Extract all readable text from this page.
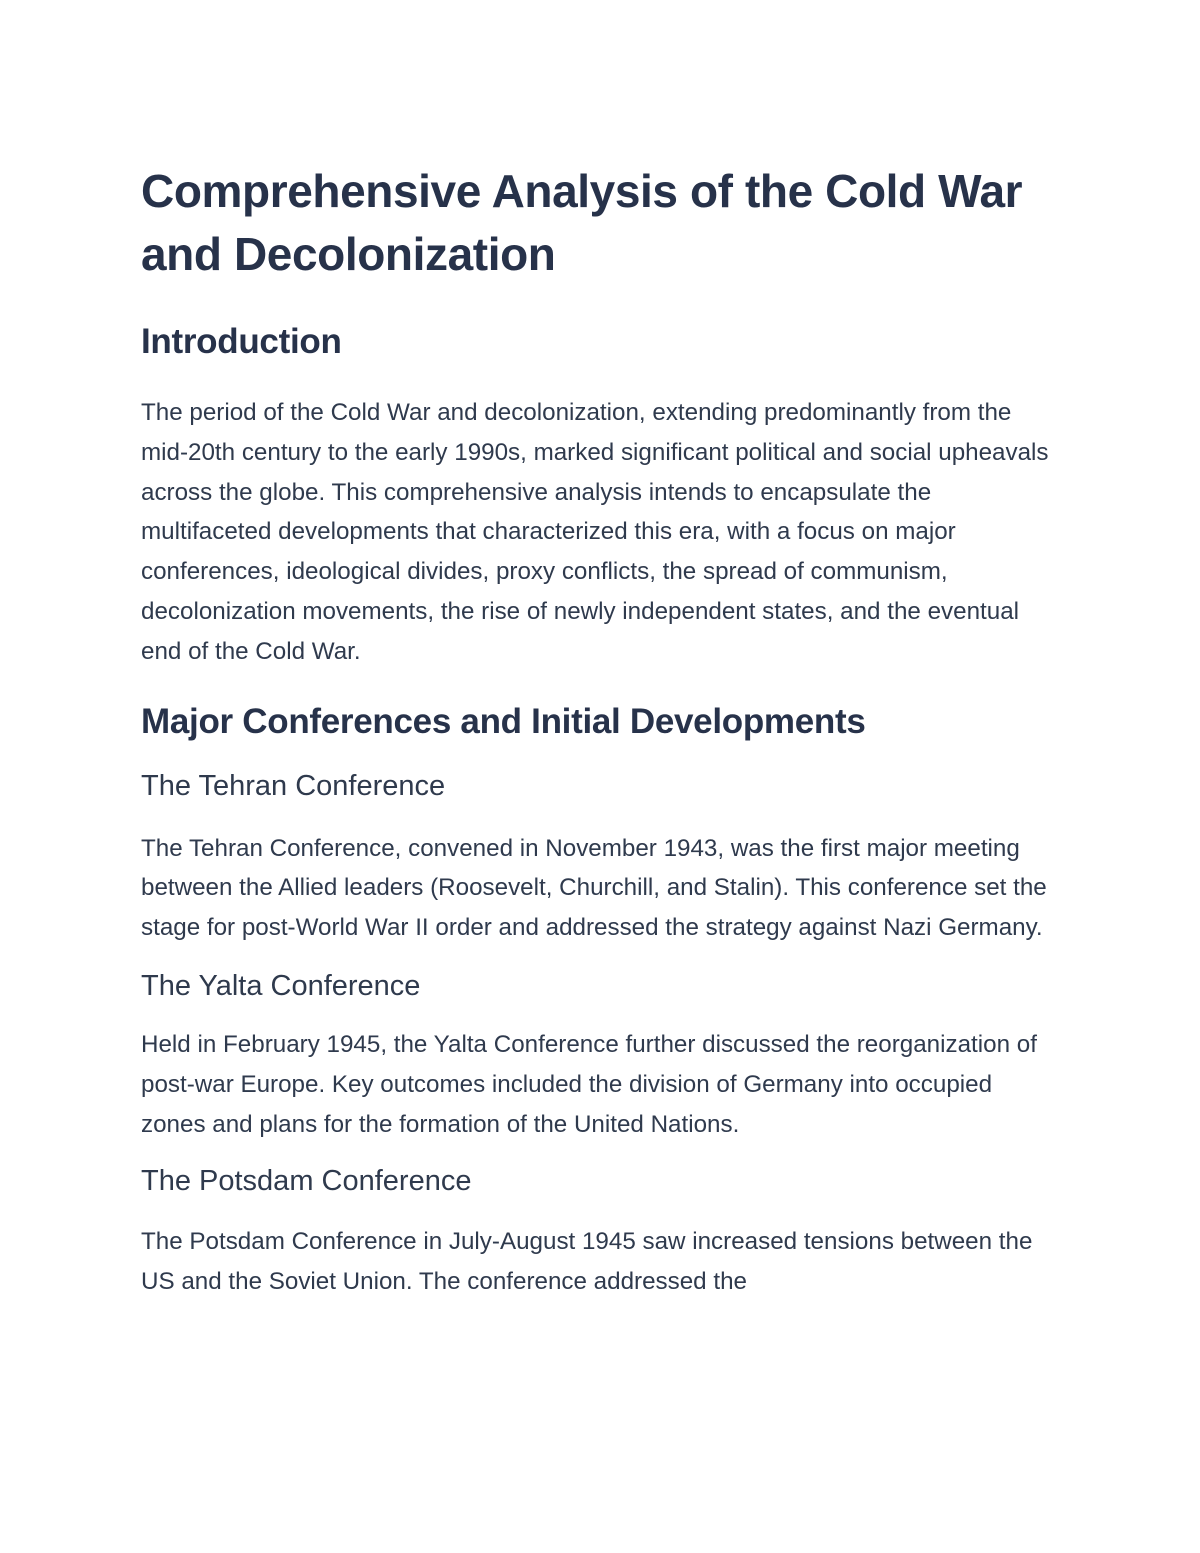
Comprehensive Analysis of the Cold War and Decolonization
Introduction

The period of the Cold War and decolonization, extending predominantly from the mid-20th century to the early 1990s, marked significant political and social upheavals across the globe. This comprehensive analysis intends to encapsulate the multifaceted developments that characterized this era, with a focus on major conferences, ideological divides, proxy conflicts, the spread of communism, decolonization movements, the rise of newly independent states, and the eventual end of the Cold War.

Major Conferences and Initial Developments
The Tehran Conference

The Tehran Conference, convened in November 1943, was the first major meeting between the Allied leaders (Roosevelt, Churchill, and Stalin). This conference set the stage for post-World War II order and addressed the strategy against Nazi Germany.

The Yalta Conference

Held in February 1945, the Yalta Conference further discussed the reorganization of post-war Europe. Key outcomes included the division of Germany into occupied zones and plans for the formation of the United Nations.

The Potsdam Conference

The Potsdam Conference in July-August 1945 saw increased tensions between the US and the Soviet Union. The conference addressed the
